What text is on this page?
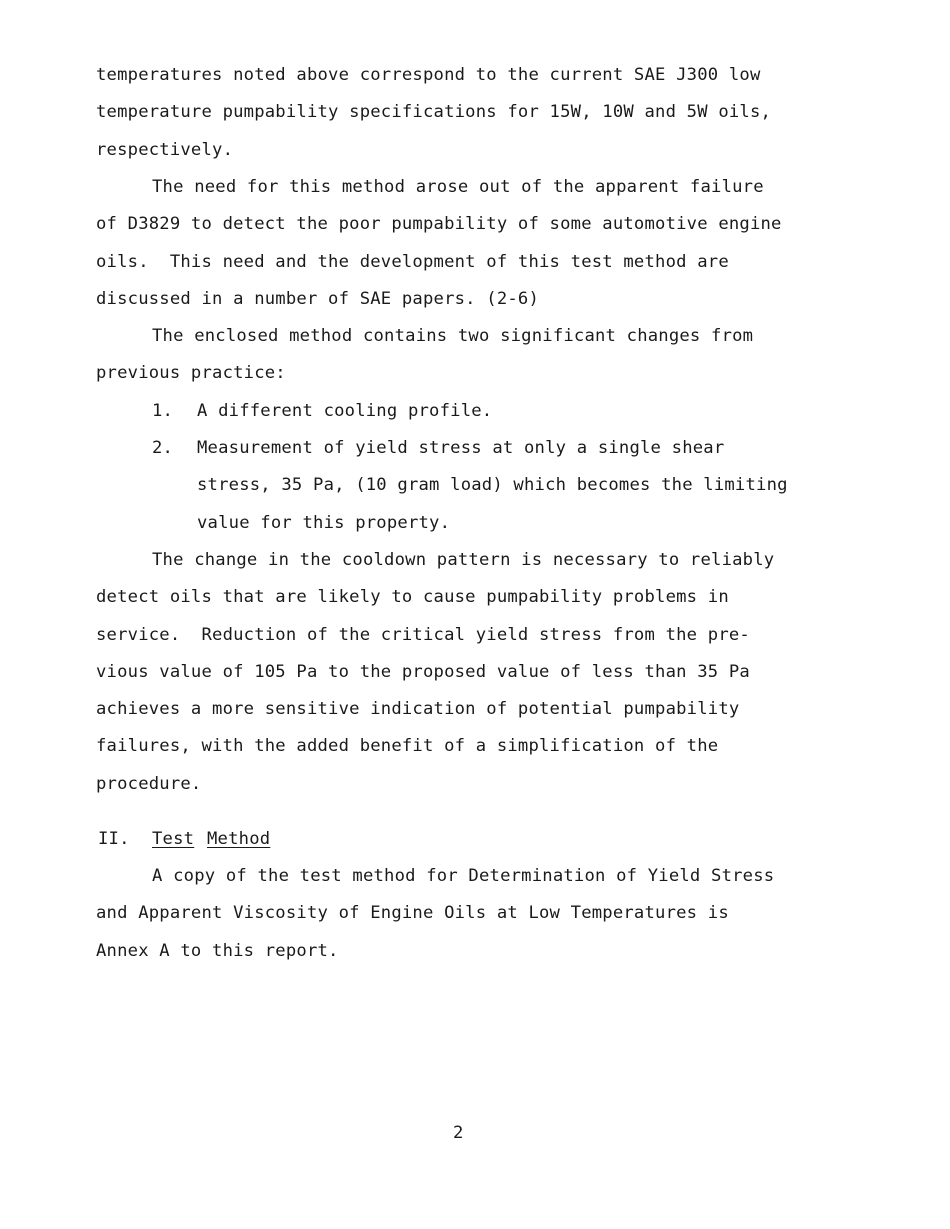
temperatures noted above correspond to the current SAE J300 low
temperature pumpability specifications for 15W, 10W and 5W oils,
respectively.
The need for this method arose out of the apparent failure
of D3829 to detect the poor pumpability of some automotive engine
oils.  This need and the development of this test method are
discussed in a number of SAE papers. (2-6)
The enclosed method contains two significant changes from
previous practice:
1. A different cooling profile.
2. Measurement of yield stress at only a single shear
stress, 35 Pa, (10 gram load) which becomes the limiting
value for this property.
The change in the cooldown pattern is necessary to reliably
detect oils that are likely to cause pumpability problems in
service.  Reduction of the critical yield stress from the pre-
vious value of 105 Pa to the proposed value of less than 35 Pa
achieves a more sensitive indication of potential pumpability
failures, with the added benefit of a simplification of the
procedure.
II. Test Method
A copy of the test method for Determination of Yield Stress
and Apparent Viscosity of Engine Oils at Low Temperatures is
Annex A to this report.
2
